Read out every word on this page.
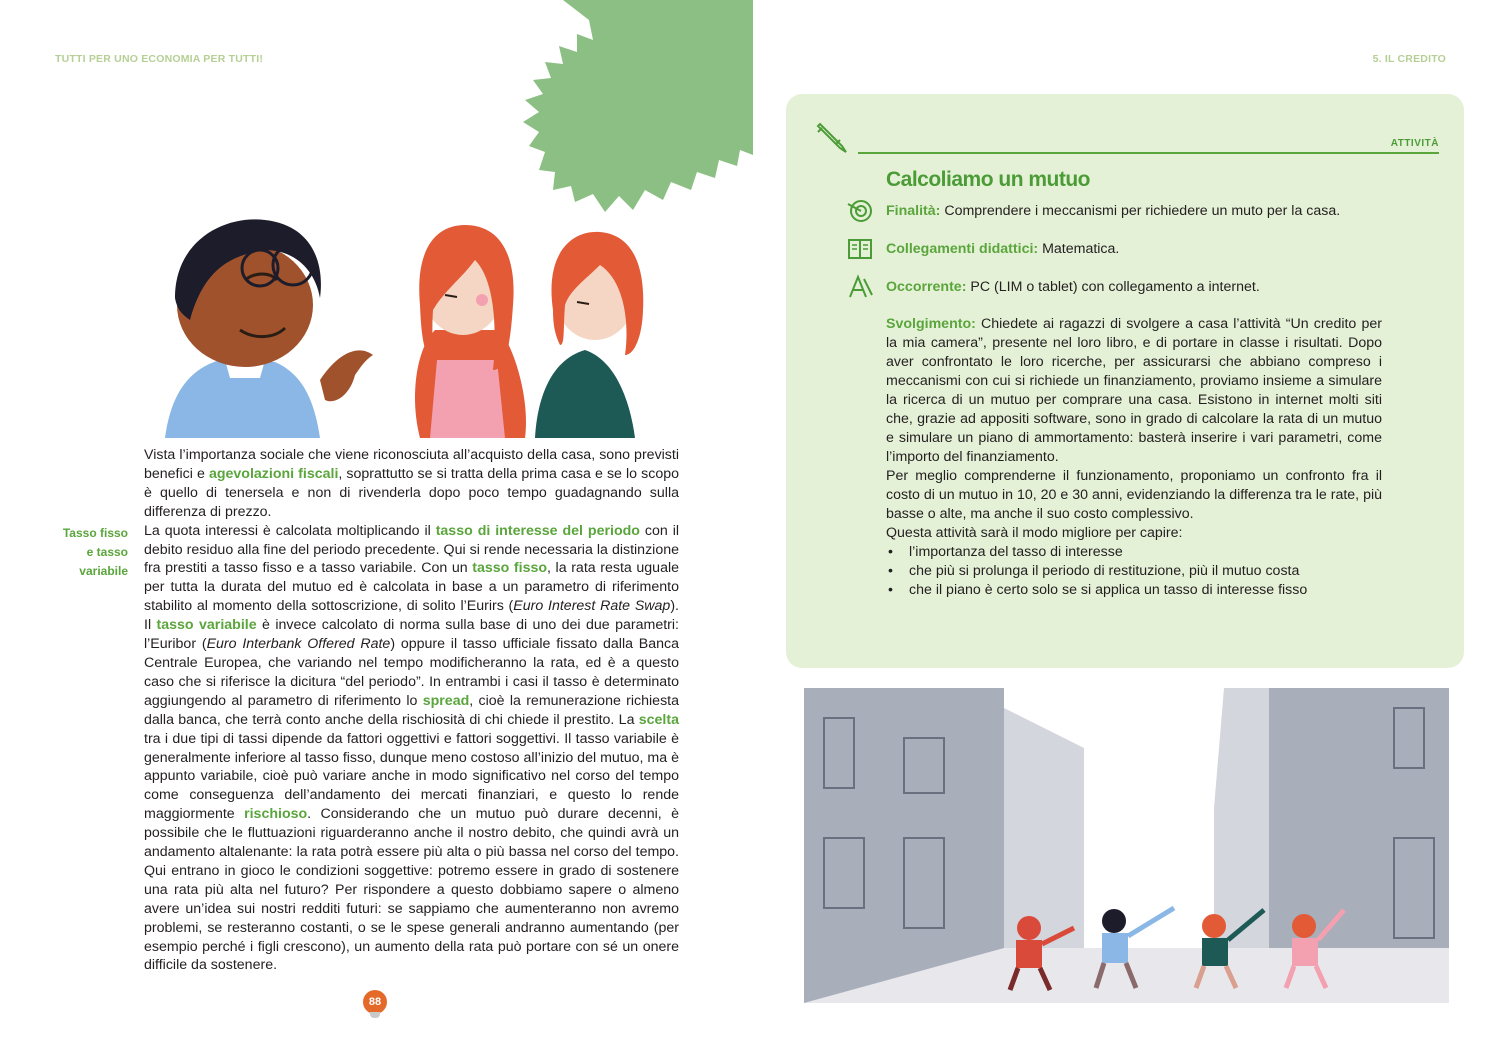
TUTTI PER UNO ECONOMIA PER TUTTI!	5. IL CREDITO

Vista l’importanza sociale che viene riconosciuta all’acquisto della casa, sono previsti benefici e agevolazioni fiscali, soprattutto se si tratta della prima casa e se lo scopo è quello di tenersela e non di rivenderla dopo poco tempo guadagnando sulla differenza di prezzo.

La quota interessi è calcolata moltiplicando il tasso di interesse del periodo con il debito residuo alla fine del periodo precedente. Qui si rende necessaria la distinzione fra prestiti a tasso fisso e a tasso variabile. Con un tasso fisso, la rata resta uguale per tutta la durata del mutuo ed è calcolata in base a un parametro di riferimento stabilito al momento della sottoscrizione, di solito l’Eurirs (Euro Interest Rate Swap). Il tasso variabile è invece calcolato di norma sulla base di uno dei due parametri: l’Euribor (Euro Interbank Offered Rate) oppure il tasso ufficiale fissato dalla Banca Centrale Europea, che variando nel tempo modificheranno la rata, ed è a questo caso che si riferisce la dicitura “del periodo”. In entrambi i casi il tasso è determinato aggiungendo al parametro di riferimento lo spread, cioè la remunerazione richiesta dalla banca, che terrà conto anche della rischiosità di chi chiede il prestito. La scelta tra i due tipi di tassi dipende da fattori oggettivi e fattori soggettivi. Il tasso variabile è generalmente inferiore al tasso fisso, dunque meno costoso all’inizio del mutuo, ma è appunto variabile, cioè può variare anche in modo significativo nel corso del tempo come conseguenza dell’andamento dei mercati finanziari, e questo lo rende maggiormente rischioso. Considerando che un mutuo può durare decenni, è possibile che le fluttuazioni riguarderanno anche il nostro debito, che quindi avrà un andamento altalenante: la rata potrà essere più alta o più bassa nel corso del tempo. Qui entrano in gioco le condizioni soggettive: potremo essere in grado di sostenere una rata più alta nel futuro? Per rispondere a questo dobbiamo sapere o almeno avere un’idea sui nostri redditi futuri: se sappiamo che aumenteranno non avremo problemi, se resteranno costanti, o se le spese generali andranno aumentando (per esempio perché i figli crescono), un aumento della rata può portare con sé un onere difficile da sostenere.

Tasso fisso
e tasso
variabile
88
ATTIVITÀ
Calcoliamo un mutuo
Finalità: Comprendere i meccanismi per richiedere un muto per la casa.
Collegamenti didattici: Matematica.
Occorrente: PC (LIM o tablet) con collegamento a internet.

Svolgimento: Chiedete ai ragazzi di svolgere a casa l’attività “Un credito per la mia camera”, presente nel loro libro, e di portare in classe i risultati. Dopo aver confrontato le loro ricerche, per assicurarsi che abbiano compreso i meccanismi con cui si richiede un finanziamento, proviamo insieme a simulare la ricerca di un mutuo per comprare una casa. Esistono in internet molti siti che, grazie ad appositi software, sono in grado di calcolare la rata di un mutuo e simulare un piano di ammortamento: basterà inserire i vari parametri, come l’importo del finanziamento.

Per meglio comprenderne il funzionamento, proponiamo un confronto fra il costo di un mutuo in 10, 20 e 30 anni, evidenziando la differenza tra le rate, più basse o alte, ma anche il suo costo complessivo.

Questa attività sarà il modo migliore per capire:

• l’importanza del tasso di interesse
• che più si prolunga il periodo di restituzione, più il mutuo costa
• che il piano è certo solo se si applica un tasso di interesse fisso
